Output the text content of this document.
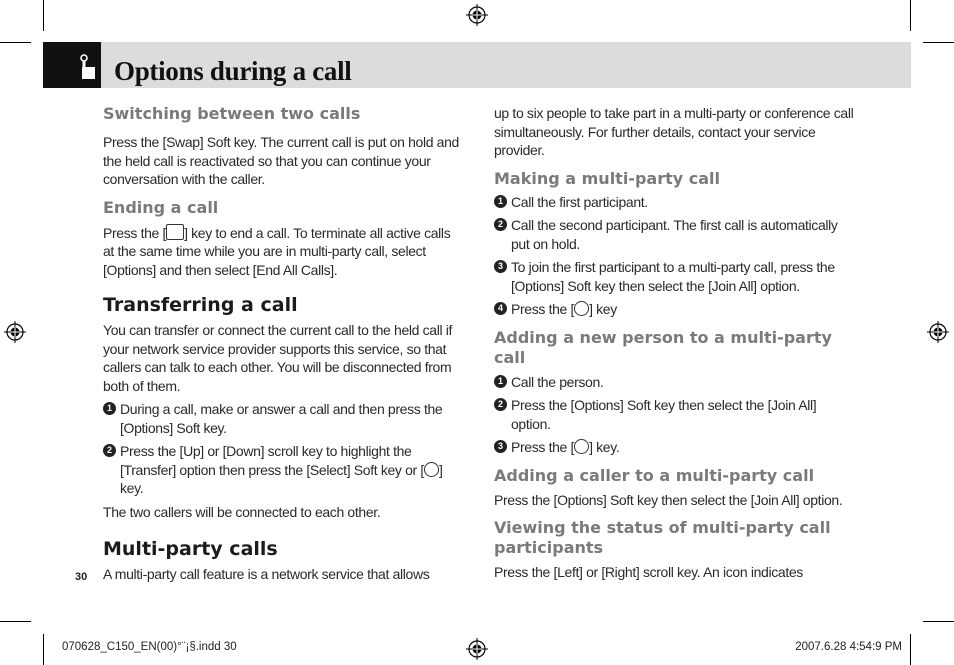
Options during a call
Switching between two calls

Press the [Swap] Soft key. The current call is put on hold and the held call is reactivated so that you can continue your conversation with the caller.

Ending a call

Press the [ ] key to end a call. To terminate all active calls at the same time while you are in multi-party call, select [Options] and then select [End All Calls].

Transferring a call

You can transfer or connect the current call to the held call if your network service provider supports this service, so that callers can talk to each other. You will be disconnected from both of them.

1 During a call, make or answer a call and then press the [Options] Soft key.
2 Press the [Up] or [Down] scroll key to highlight the [Transfer] option then press the [Select] Soft key or [ ] key.

The two callers will be connected to each other.

Multi-party calls

A multi-party call feature is a network service that allows

up to six people to take part in a multi-party or conference call simultaneously. For further details, contact your service provider.

Making a multi-party call
1 Call the first participant.
2 Call the second participant. The first call is automatically put on hold.
3 To join the first participant to a multi-party call, press the [Options] Soft key then select the [Join All] option.
4 Press the [ ] key
Adding a new person to a multi-party call
1 Call the person.
2 Press the [Options] Soft key then select the [Join All] option.
3 Press the [ ] key.
Adding a caller to a multi-party call

Press the [Options] Soft key then select the [Join All] option.

Viewing the status of multi-party call participants

Press the [Left] or [Right] scroll key. An icon indicates

30
070628_C150_EN(00)°¨¡§.indd 30	2007.6.28 4:54:9 PM
